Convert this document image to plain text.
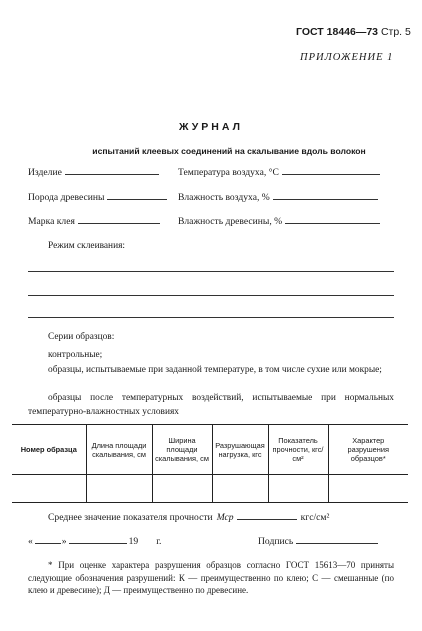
ГОСТ 18446—73 Стр. 5
ПРИЛОЖЕНИЕ 1
ЖУРНАЛ
испытаний клеевых соединений на скалывание вдоль волокон
Изделие	Температура воздуха, °С
Порода древесины	Влажность воздуха, %
Марка клея	Влажность древесины, %
Режим склеивания:
Серии образцов:
контрольные;
образцы, испытываемые при заданной температуре, в том числе сухие или мокрые;
образцы после температурных воздействий, испытываемые при нормальных температурно-влажностных условиях
Номер образца	Длина площади скалывания, см	Ширина площади скалывания, см	Разрушающая нагрузка, кгс	Показатель прочности, кгс/см²	Характер разрушения образцов*

Среднее значение показателя прочности Мср	кгс/см²
«	»	19 г.	Подпись
* При оценке характера разрушения образцов согласно ГОСТ 15613—70 приняты следующие обозначения разрушений: К — преимущественно по клею; С — смешанные (по клею и древесине); Д — преимущественно по древесине.
